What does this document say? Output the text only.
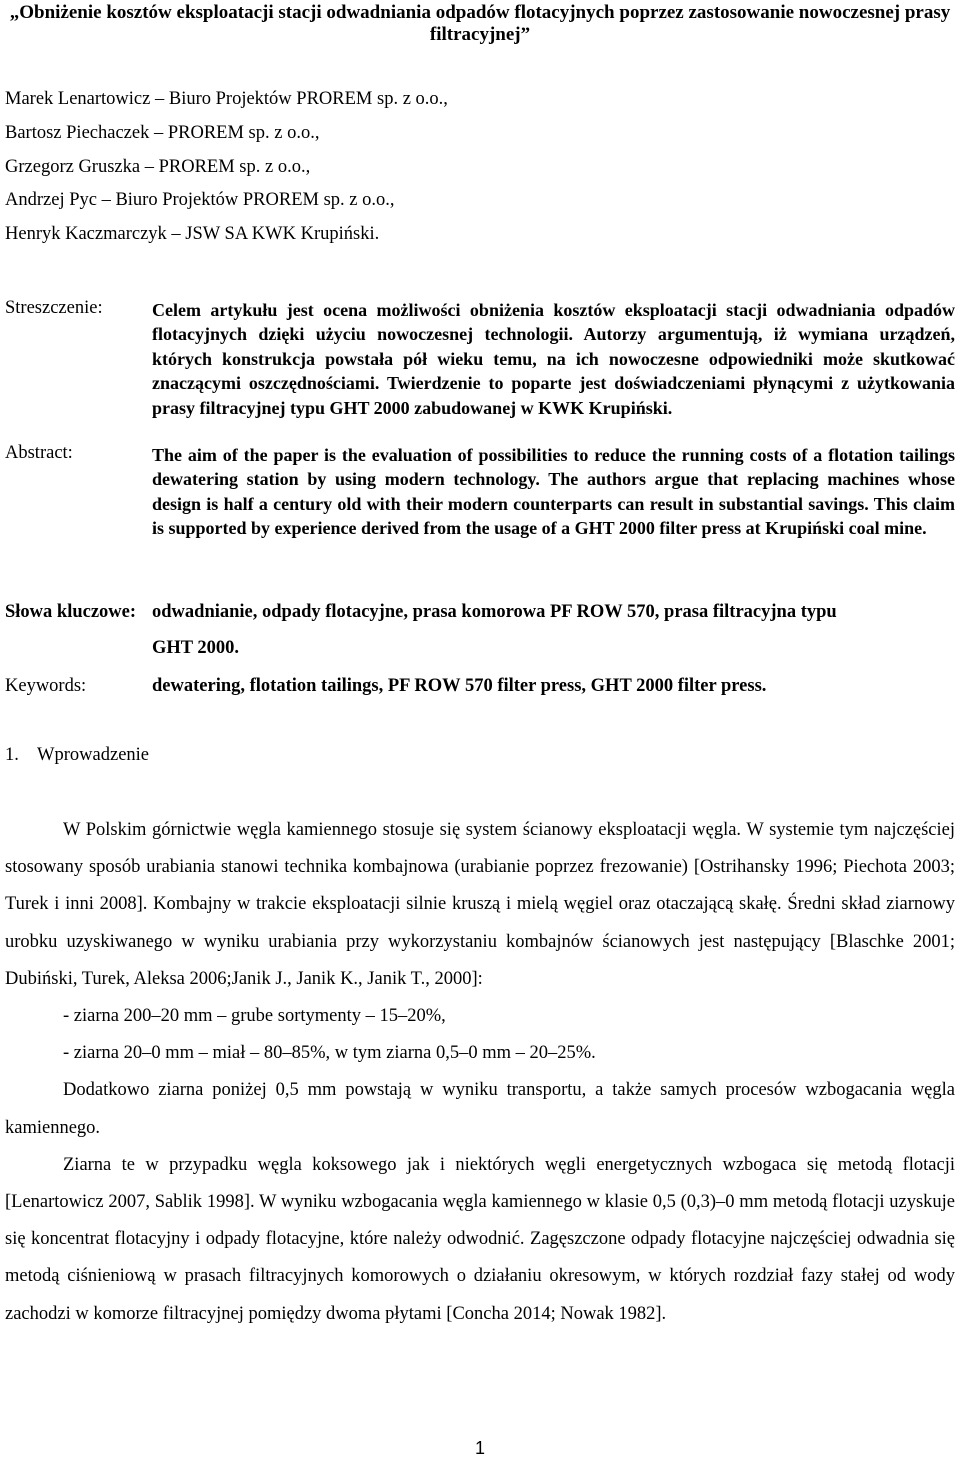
„Obniżenie kosztów eksploatacji stacji odwadniania odpadów flotacyjnych poprzez zastosowanie nowoczesnej prasy filtracyjnej”
Marek Lenartowicz – Biuro Projektów PROREM sp. z o.o.,
Bartosz Piechaczek – PROREM sp. z o.o.,
Grzegorz Gruszka – PROREM sp. z o.o.,
Andrzej Pyc – Biuro Projektów PROREM sp. z o.o.,
Henryk Kaczmarczyk – JSW SA KWK Krupiński.
Streszczenie:	Celem artykułu jest ocena możliwości obniżenia kosztów eksploatacji stacji odwadniania odpadów flotacyjnych dzięki użyciu nowoczesnej technologii. Autorzy argumentują, iż wymiana urządzeń, których konstrukcja powstała pół wieku temu, na ich nowoczesne odpowiedniki może skutkować znaczącymi oszczędnościami. Twierdzenie to poparte jest doświadczeniami płynącymi z użytkowania prasy filtracyjnej typu GHT 2000 zabudowanej w KWK Krupiński.
Abstract:	The aim of the paper is the evaluation of possibilities to reduce the running costs of a flotation tailings dewatering station by using modern technology. The authors argue that replacing machines whose design is half a century old with their modern counterparts can result in substantial savings. This claim is supported by experience derived from the usage of a GHT 2000 filter press at Krupiński coal mine.
Słowa kluczowe: odwadnianie, odpady flotacyjne, prasa komorowa PF ROW 570, prasa filtracyjna typu
GHT 2000.
Keywords:	dewatering, flotation tailings, PF ROW 570 filter press, GHT 2000 filter press.
1.    Wprowadzenie

W Polskim górnictwie węgla kamiennego stosuje się system ścianowy eksploatacji węgla. W systemie tym najczęściej stosowany sposób urabiania stanowi technika kombajnowa (urabianie poprzez frezowanie) [Ostrihansky 1996; Piechota 2003; Turek i inni 2008]. Kombajny w trakcie eksploatacji silnie kruszą i mielą węgiel oraz otaczającą skałę. Średni skład ziarnowy urobku uzyskiwanego w wyniku urabiania przy wykorzystaniu kombajnów ścianowych jest następujący [Blaschke 2001; Dubiński, Turek, Aleksa 2006;Janik J., Janik K., Janik T., 2000]:

- ziarna 200–20 mm – grube sortymenty – 15–20%,

- ziarna 20–0 mm – miał – 80–85%, w tym ziarna 0,5–0 mm – 20–25%.

Dodatkowo ziarna poniżej 0,5 mm powstają w wyniku transportu, a także samych procesów wzbogacania węgla kamiennego.

Ziarna te w przypadku węgla koksowego jak i niektórych węgli energetycznych wzbogaca się metodą flotacji [Lenartowicz 2007, Sablik 1998]. W wyniku wzbogacania węgla kamiennego w klasie 0,5 (0,3)–0 mm metodą flotacji uzyskuje się koncentrat flotacyjny i odpady flotacyjne, które należy odwodnić. Zagęszczone odpady flotacyjne najczęściej odwadnia się metodą ciśnieniową w prasach filtracyjnych komorowych o działaniu okresowym, w których rozdział fazy stałej od wody zachodzi w komorze filtracyjnej pomiędzy dwoma płytami [Concha 2014; Nowak 1982].

1
